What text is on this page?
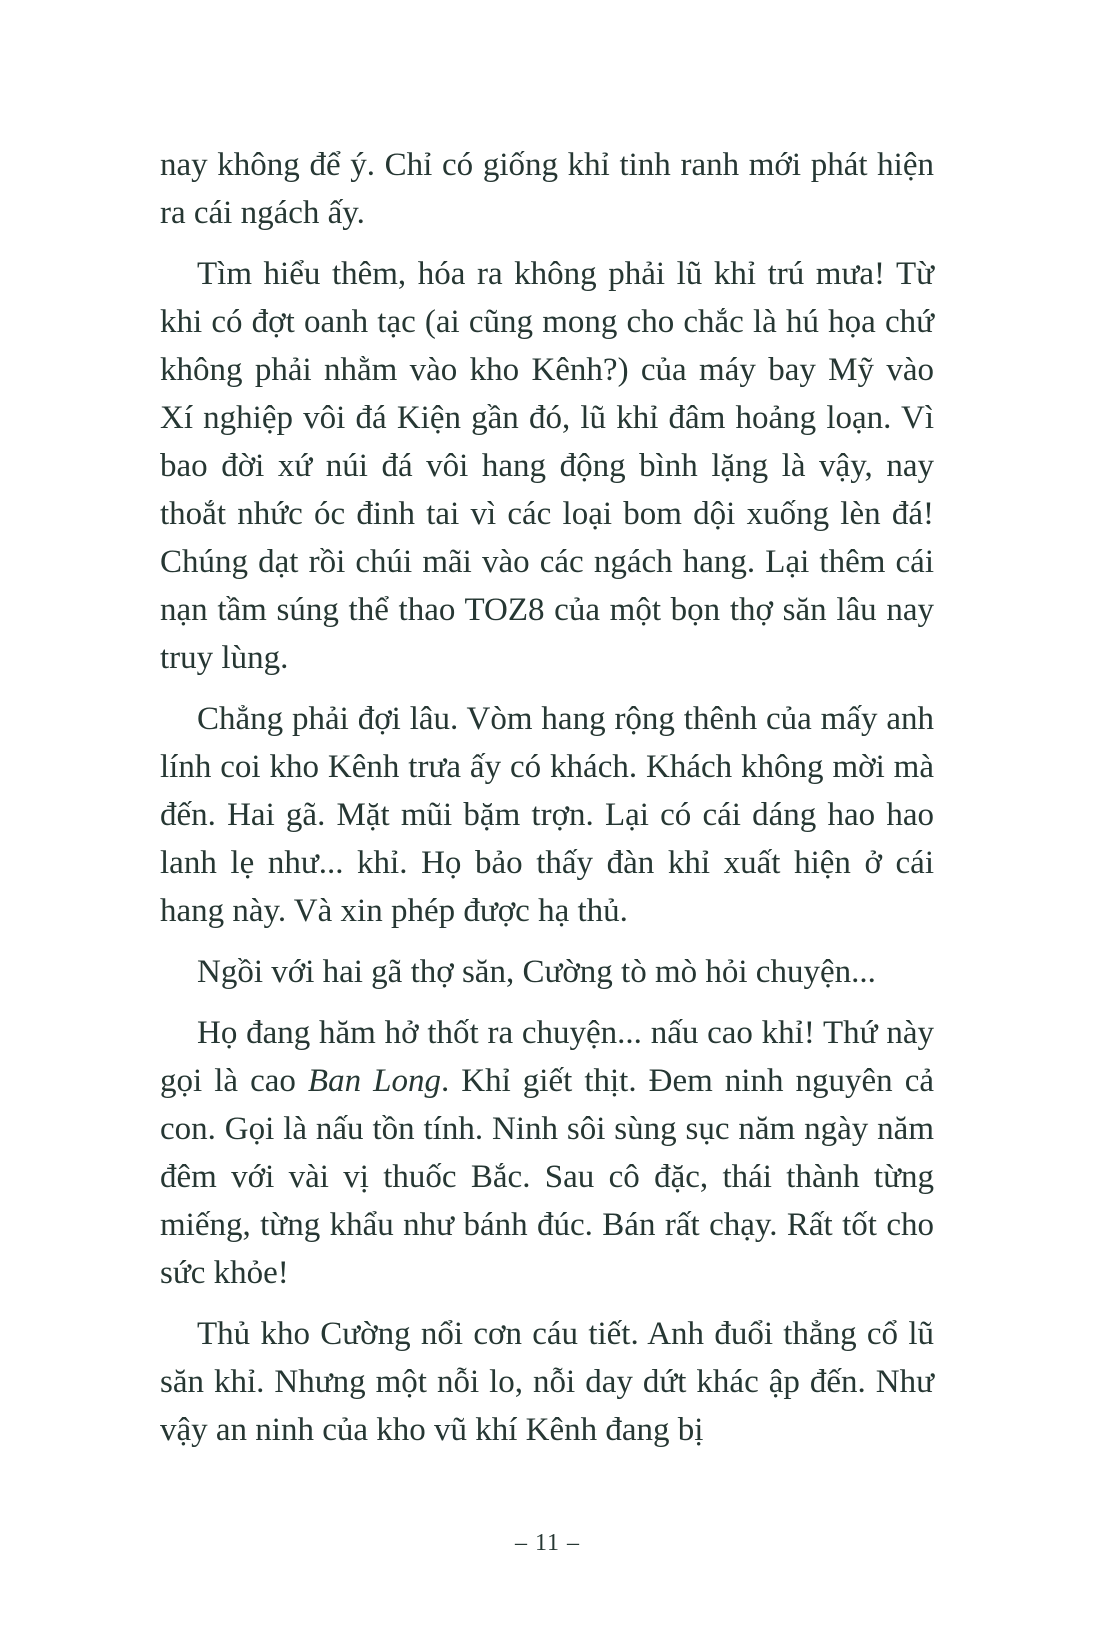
nay không để ý. Chỉ có giống khỉ tinh ranh mới phát hiện ra cái ngách ấy.

Tìm hiểu thêm, hóa ra không phải lũ khỉ trú mưa! Từ khi có đợt oanh tạc (ai cũng mong cho chắc là hú họa chứ không phải nhằm vào kho Kênh?) của máy bay Mỹ vào Xí nghiệp vôi đá Kiện gần đó, lũ khỉ đâm hoảng loạn. Vì bao đời xứ núi đá vôi hang động bình lặng là vậy, nay thoắt nhức óc đinh tai vì các loại bom dội xuống lèn đá! Chúng dạt rồi chúi mãi vào các ngách hang. Lại thêm cái nạn tầm súng thể thao TOZ8 của một bọn thợ săn lâu nay truy lùng.

Chẳng phải đợi lâu. Vòm hang rộng thênh của mấy anh lính coi kho Kênh trưa ấy có khách. Khách không mời mà đến. Hai gã. Mặt mũi bặm trợn. Lại có cái dáng hao hao lanh lẹ như... khỉ. Họ bảo thấy đàn khỉ xuất hiện ở cái hang này. Và xin phép được hạ thủ.

Ngồi với hai gã thợ săn, Cường tò mò hỏi chuyện...

Họ đang hăm hở thốt ra chuyện... nấu cao khỉ! Thứ này gọi là cao Ban Long. Khỉ giết thịt. Đem ninh nguyên cả con. Gọi là nấu tồn tính. Ninh sôi sùng sục năm ngày năm đêm với vài vị thuốc Bắc. Sau cô đặc, thái thành từng miếng, từng khẩu như bánh đúc. Bán rất chạy. Rất tốt cho sức khỏe!

Thủ kho Cường nổi cơn cáu tiết. Anh đuổi thẳng cổ lũ săn khỉ. Nhưng một nỗi lo, nỗi day dứt khác ập đến. Như vậy an ninh của kho vũ khí Kênh đang bị

– 11 –
